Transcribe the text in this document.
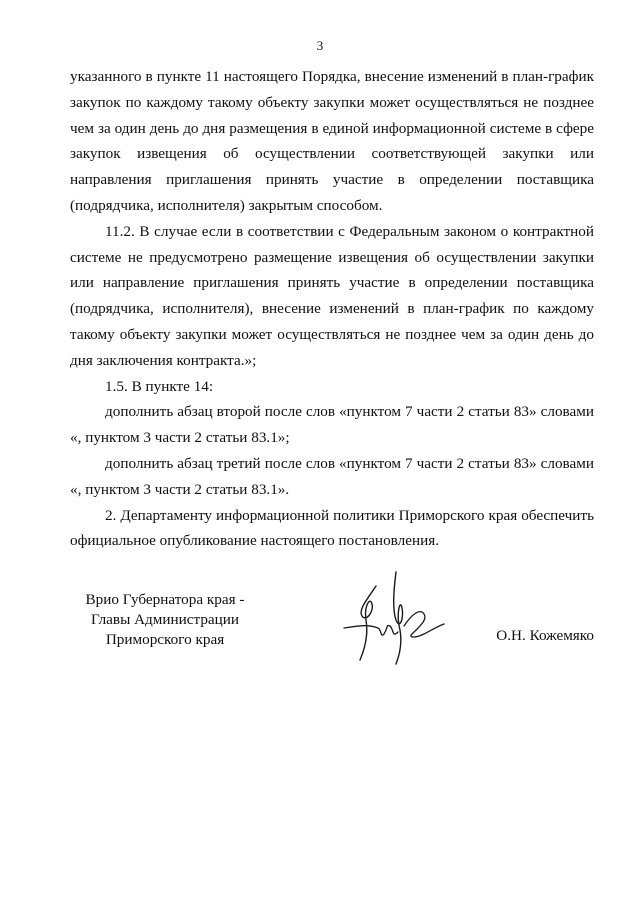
3

указанного в пункте 11 настоящего Порядка, внесение изменений в план-график закупок по каждому такому объекту закупки может осуществляться не позднее чем за один день до дня размещения в единой информационной системе в сфере закупок извещения об осуществлении соответствующей закупки или направления приглашения принять участие в определении поставщика (подрядчика, исполнителя) закрытым способом.

11.2. В случае если в соответствии с Федеральным законом о контрактной системе не предусмотрено размещение извещения об осуществлении закупки или направление приглашения принять участие в определении поставщика (подрядчика, исполнителя), внесение изменений в план-график по каждому такому объекту закупки может осуществляться не позднее чем за один день до дня заключения контракта.»;

1.5. В пункте 14:

дополнить абзац второй после слов «пунктом 7 части 2 статьи 83» словами «, пунктом 3 части 2 статьи 83.1»;

дополнить абзац третий после слов «пунктом 7 части 2 статьи 83» словами «, пунктом 3 части 2 статьи 83.1».

2. Департаменту информационной политики Приморского края обеспечить официальное опубликование настоящего постановления.

Врио Губернатора края -
Главы Администрации
Приморского края	О.Н. Кожемяко
